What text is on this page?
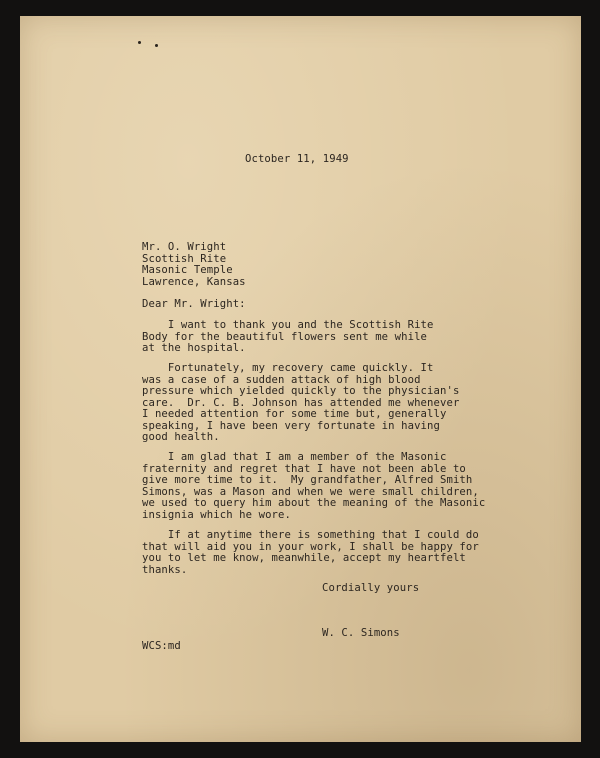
October 11, 1949

Mr. O. Wright
Scottish Rite
Masonic Temple
Lawrence, Kansas

Dear Mr. Wright:

I want to thank you and the Scottish Rite
Body for the beautiful flowers sent me while
at the hospital.
Fortunately, my recovery came quickly. It
was a case of a sudden attack of high blood
pressure which yielded quickly to the physician's
care.  Dr. C. B. Johnson has attended me whenever
I needed attention for some time but, generally
speaking, I have been very fortunate in having
good health.
I am glad that I am a member of the Masonic
fraternity and regret that I have not been able to
give more time to it.  My grandfather, Alfred Smith
Simons, was a Mason and when we were small children,
we used to query him about the meaning of the Masonic
insignia which he wore.
If at anytime there is something that I could do
that will aid you in your work, I shall be happy for
you to let me know, meanwhile, accept my heartfelt
thanks.

Cordially yours

W. C. Simons

WCS:md
